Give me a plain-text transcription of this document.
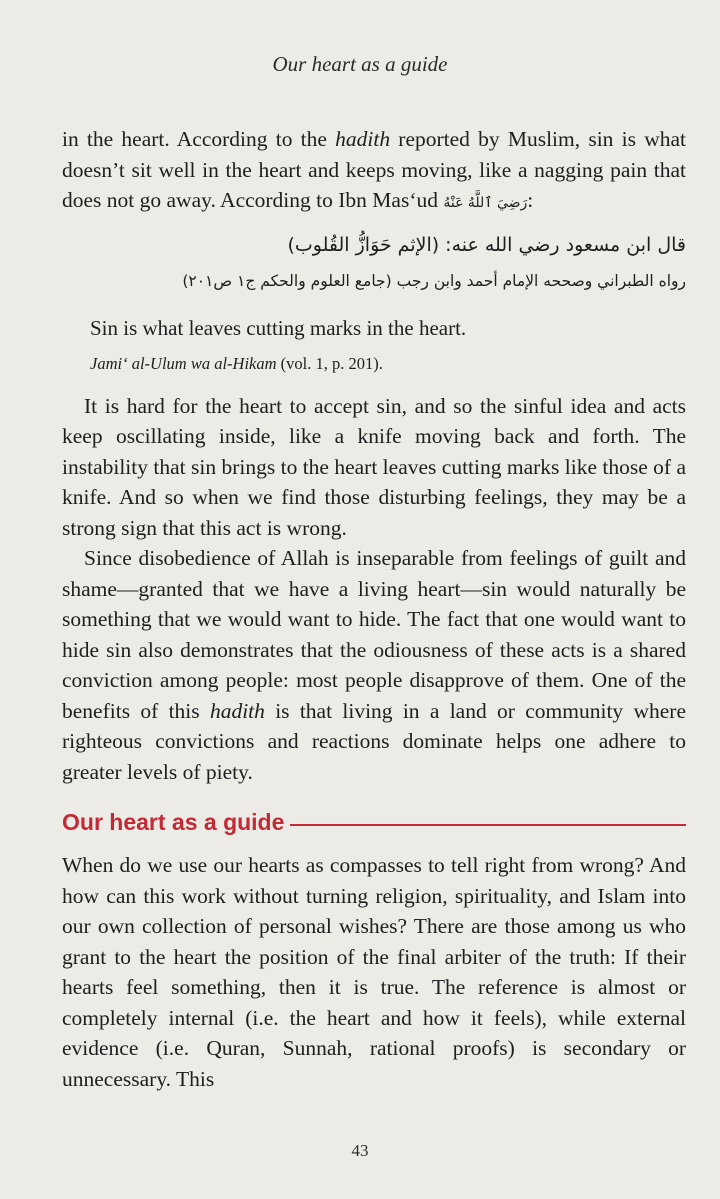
Our heart as a guide

in the heart. According to the hadith reported by Muslim, sin is what doesn’t sit well in the heart and keeps moving, like a nagging pain that does not go away. According to Ibn Mas‘ud رَضِيَ ٱللَّهُ عَنْهُ:

قال ابن مسعود رضي الله عنه: (الإثم حَوَازُّ القُلوب)

رواه الطبراني وصححه الإمام أحمد وابن رجب (جامع العلوم والحكم ج١ ص٢٠١)

Sin is what leaves cutting marks in the heart.

Jami‘ al-Ulum wa al-Hikam (vol. 1, p. 201).

It is hard for the heart to accept sin, and so the sinful idea and acts keep oscillating inside, like a knife moving back and forth. The instability that sin brings to the heart leaves cutting marks like those of a knife. And so when we find those disturbing feelings, they may be a strong sign that this act is wrong.

Since disobedience of Allah is inseparable from feelings of guilt and shame—granted that we have a living heart—sin would naturally be something that we would want to hide. The fact that one would want to hide sin also demonstrates that the odiousness of these acts is a shared conviction among people: most people disapprove of them. One of the benefits of this hadith is that living in a land or community where righteous convictions and reactions dominate helps one adhere to greater levels of piety.

Our heart as a guide

When do we use our hearts as compasses to tell right from wrong? And how can this work without turning religion, spirituality, and Islam into our own collection of personal wishes? There are those among us who grant to the heart the position of the final arbiter of the truth: If their hearts feel something, then it is true. The reference is almost or completely internal (i.e. the heart and how it feels), while external evidence (i.e. Quran, Sunnah, rational proofs) is secondary or unnecessary. This

43
